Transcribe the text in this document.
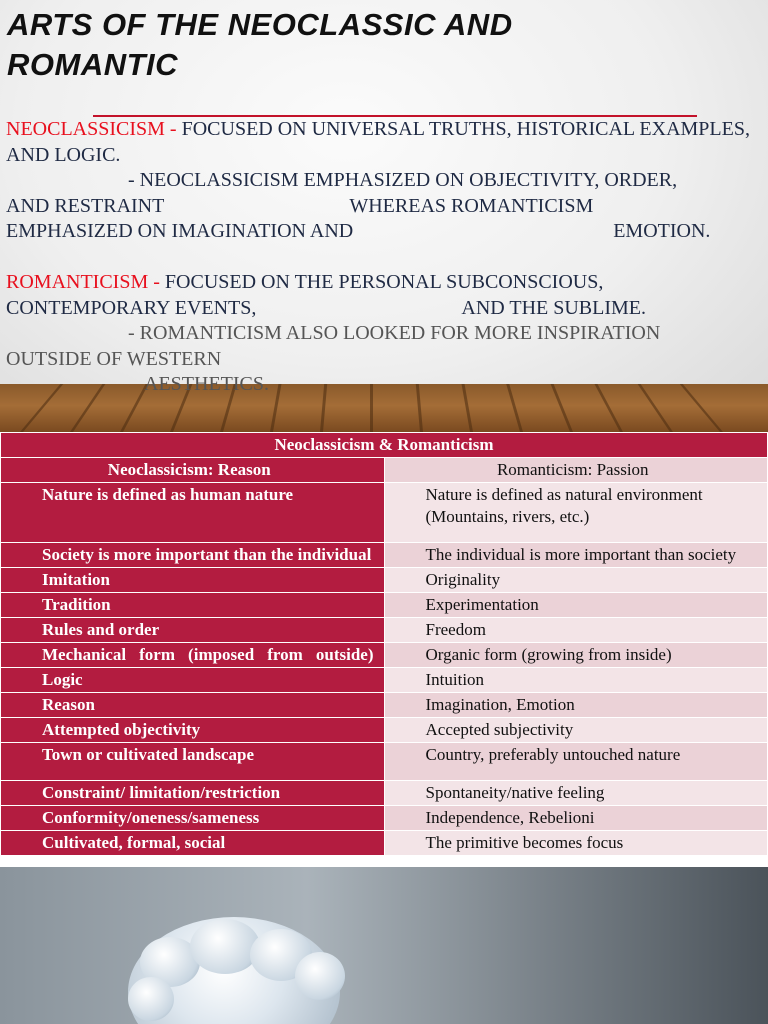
ARTS OF THE NEOCLASSIC AND
ROMANTIC
NEOCLASSICISM - FOCUSED ON UNIVERSAL TRUTHS, HISTORICAL EXAMPLES, AND LOGIC.
- NEOCLASSICISM EMPHASIZED ON OBJECTIVITY, ORDER,
AND RESTRAINT	WHEREAS ROMANTICISM
EMPHASIZED ON IMAGINATION AND	EMOTION.
ROMANTICISM - FOCUSED ON THE PERSONAL SUBCONSCIOUS,
CONTEMPORARY EVENTS,	AND THE SUBLIME.
- ROMANTICISM ALSO LOOKED FOR MORE INSPIRATION
OUTSIDE OF WESTERN
AESTHETICS.
Neoclassicism & Romanticism	
Neoclassicism: Reason	Romanticism: Passion
Nature is defined as human nature	Nature is defined as natural environment (Mountains, rivers, etc.)
Society is more important than the individual	The individual is more important than society
Imitation	Originality
Tradition	Experimentation
Rules and order	Freedom
Mechanical form (imposed from outside)	Organic form (growing from inside)
Logic	Intuition
Reason	Imagination, Emotion
Attempted objectivity	Accepted subjectivity
Town or cultivated landscape	Country, preferably untouched nature
Constraint/ limitation/restriction	Spontaneity/native feeling
Conformity/oneness/sameness	Independence, Rebelioni
Cultivated, formal, social	The primitive becomes focus
